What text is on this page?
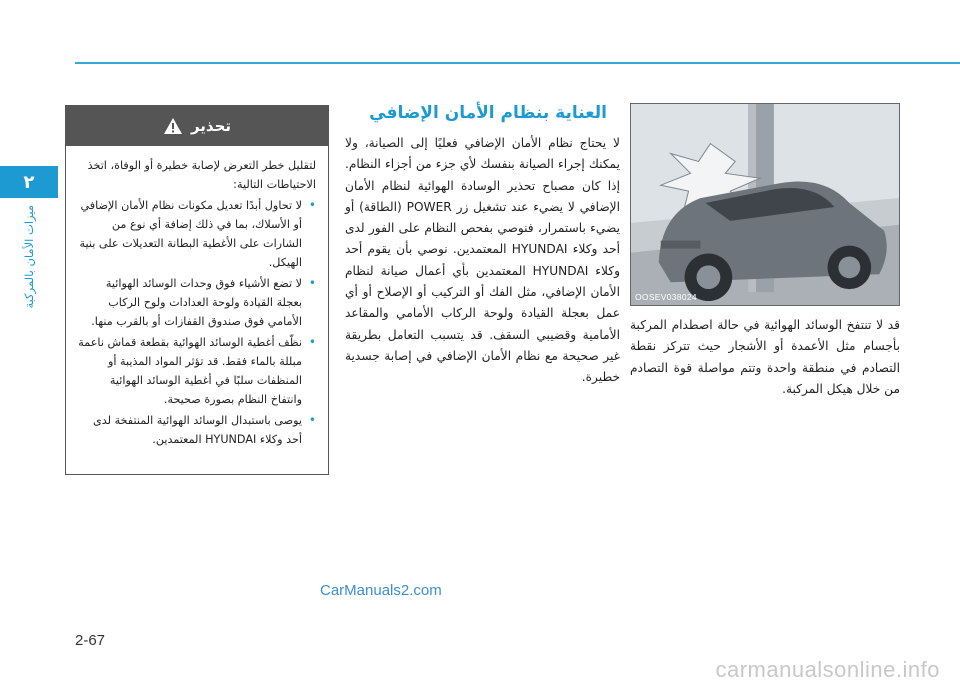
٢
ميزات الأمان بالمركبة
تحذير

لتقليل خطر التعرض لإصابة خطيرة أو الوفاة، اتخذ الاحتياطات التالية:

•
لا تحاول أبدًا تعديل مكونات نظام الأمان الإضافي أو الأسلاك، بما في ذلك إضافة أي نوع من الشارات على الأغطية البطانة التعديلات على بنية الهيكل.
•
لا تضع الأشياء فوق وحدات الوسائد الهوائية بعجلة القيادة ولوحة العدادات ولوح الركاب الأمامي فوق صندوق القفازات أو بالقرب منها.
•
نظّف أغطية الوسائد الهوائية بقطعة قماش ناعمة مبللة بالماء فقط. قد تؤثر المواد المذيبة أو المنظفات سلبًا في أغطية الوسائد الهوائية وانتفاخ النظام بصورة صحيحة.
•
يوصى باستبدال الوسائد الهوائية المنتفخة لدى أحد وكلاء HYUNDAI المعتمدين.
العناية بنظام الأمان الإضافي
لا يحتاج نظام الأمان الإضافي فعليًا إلى الصيانة، ولا يمكنك إجراء الصيانة بنفسك لأي جزء من أجزاء النظام. إذا كان مصباح تحذير الوسادة الهوائية لنظام الأمان الإضافي لا يضيء عند تشغيل زر POWER (الطاقة) أو يضيء باستمرار، فنوصي بفحص النظام على الفور لدى أحد وكلاء HYUNDAI المعتمدين. نوصي بأن يقوم أحد وكلاء HYUNDAI المعتمدين بأي أعمال صيانة لنظام الأمان الإضافي، مثل الفك أو التركيب أو الإصلاح أو أي عمل بعجلة القيادة ولوحة الركاب الأمامي والمقاعد الأمامية وقضيبي السقف. قد يتسبب التعامل بطريقة غير صحيحة مع نظام الأمان الإضافي في إصابة جسدية خطيرة.
OOSEV038024
قد لا تنتفخ الوسائد الهوائية في حالة اصطدام المركبة بأجسام مثل الأعمدة أو الأشجار حيث تتركز نقطة التصادم في منطقة واحدة وتتم مواصلة قوة التصادم من خلال هيكل المركبة.
CarManuals2.com
2-67
carmanualsonline.info
